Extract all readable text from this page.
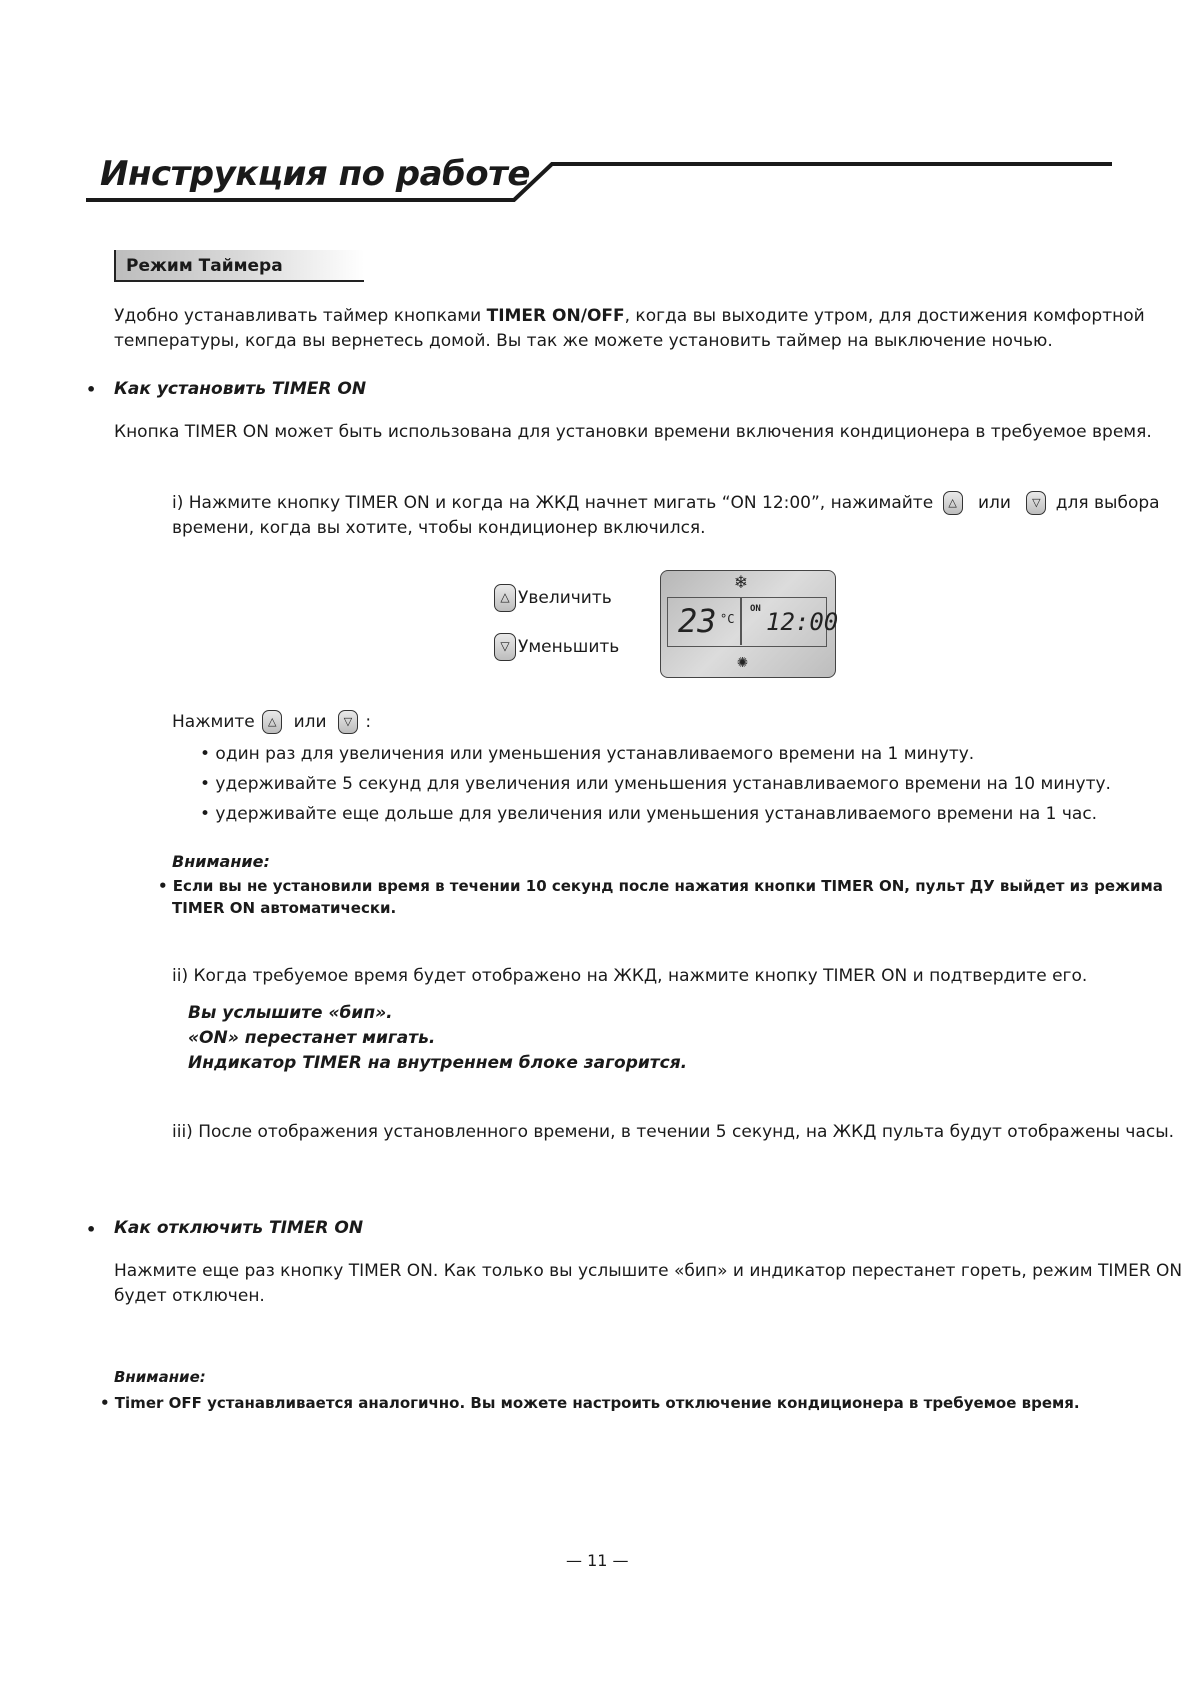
Инструкция по работе
Режим Таймера
Удобно устанавливать таймер кнопками TIMER ON/OFF, когда вы выходите утром, для достижения комфортной
температуры, когда вы вернетесь домой. Вы так же можете установить таймер на выключение ночью.
• Как установить TIMER ON
Кнопка TIMER ON может быть использована для установки времени включения кондиционера в требуемое время.
i) Нажмите кнопку TIMER ON и когда на ЖКД начнет мигать “ON 12:00”, нажимайте △ или ▽ для выбора
времени, когда вы хотите, чтобы кондиционер включился.
△ Увеличить
▽ Уменьшить
❄
23 °C
ON 12:00
✺
Нажмите △ или ▽ :
• один раз для увеличения или уменьшения устанавливаемого времени на 1 минуту.
• удерживайте 5 секунд для увеличения или уменьшения устанавливаемого времени на 10 минуту.
• удерживайте еще дольше для увеличения или уменьшения устанавливаемого времени на 1 час.
Внимание:
• Если вы не установили время в течении 10 секунд после нажатия кнопки TIMER ON, пульт ДУ выйдет из режима
TIMER ON автоматически.
ii) Когда требуемое время будет отображено на ЖКД, нажмите кнопку TIMER ON и подтвердите его.
Вы услышите «бип».
«ON» перестанет мигать.
Индикатор TIMER на внутреннем блоке загорится.
iii) После отображения установленного времени, в течении 5 секунд, на ЖКД пульта будут отображены часы.
• Как отключить TIMER ON
Нажмите еще раз кнопку TIMER ON. Как только вы услышите «бип» и индикатор перестанет гореть, режим TIMER ON
будет отключен.
Внимание:
• Timer OFF устанавливается аналогично. Вы можете настроить отключение кондиционера в требуемое время.
— 11 —
